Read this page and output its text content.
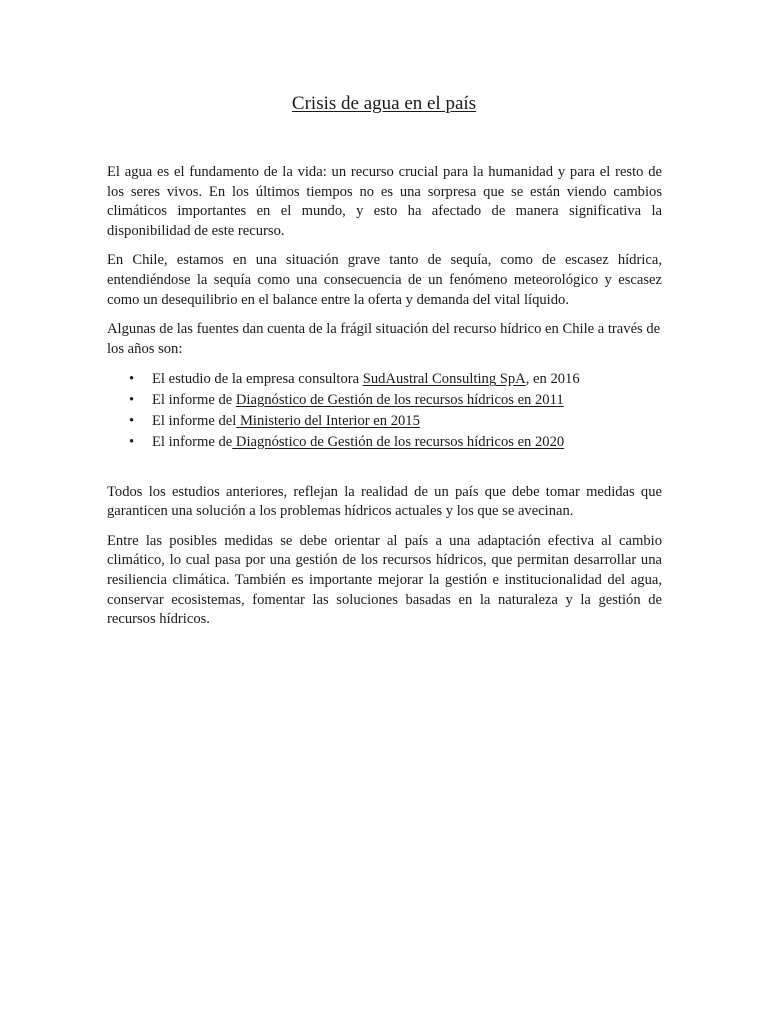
Crisis de agua en el país

El agua es el fundamento de la vida: un recurso crucial para la humanidad y para el resto de los seres vivos. En los últimos tiempos no es una sorpresa que se están viendo cambios climáticos importantes en el mundo, y esto ha afectado de manera significativa la disponibilidad de este recurso.

En Chile, estamos en una situación grave tanto de sequía, como de escasez hídrica, entendiéndose la sequía como una consecuencia de un fenómeno meteorológico y escasez como un desequilibrio en el balance entre la oferta y demanda del vital líquido.

Algunas de las fuentes dan cuenta de la frágil situación del recurso hídrico en Chile a través de los años son:

• El estudio de la empresa consultora SudAustral Consulting SpA, en 2016
• El informe de Diagnóstico de Gestión de los recursos hídricos en 2011
• El informe del Ministerio del Interior en 2015
• El informe de Diagnóstico de Gestión de los recursos hídricos en 2020

Todos los estudios anteriores, reflejan la realidad de un país que debe tomar medidas que garanticen una solución a los problemas hídricos actuales y los que se avecinan.

Entre las posibles medidas se debe orientar al país a una adaptación efectiva al cambio climático, lo cual pasa por una gestión de los recursos hídricos, que permitan desarrollar una resiliencia climática. También es importante mejorar la gestión e institucionalidad del agua, conservar ecosistemas, fomentar las soluciones basadas en la naturaleza y la gestión de recursos hídricos.
